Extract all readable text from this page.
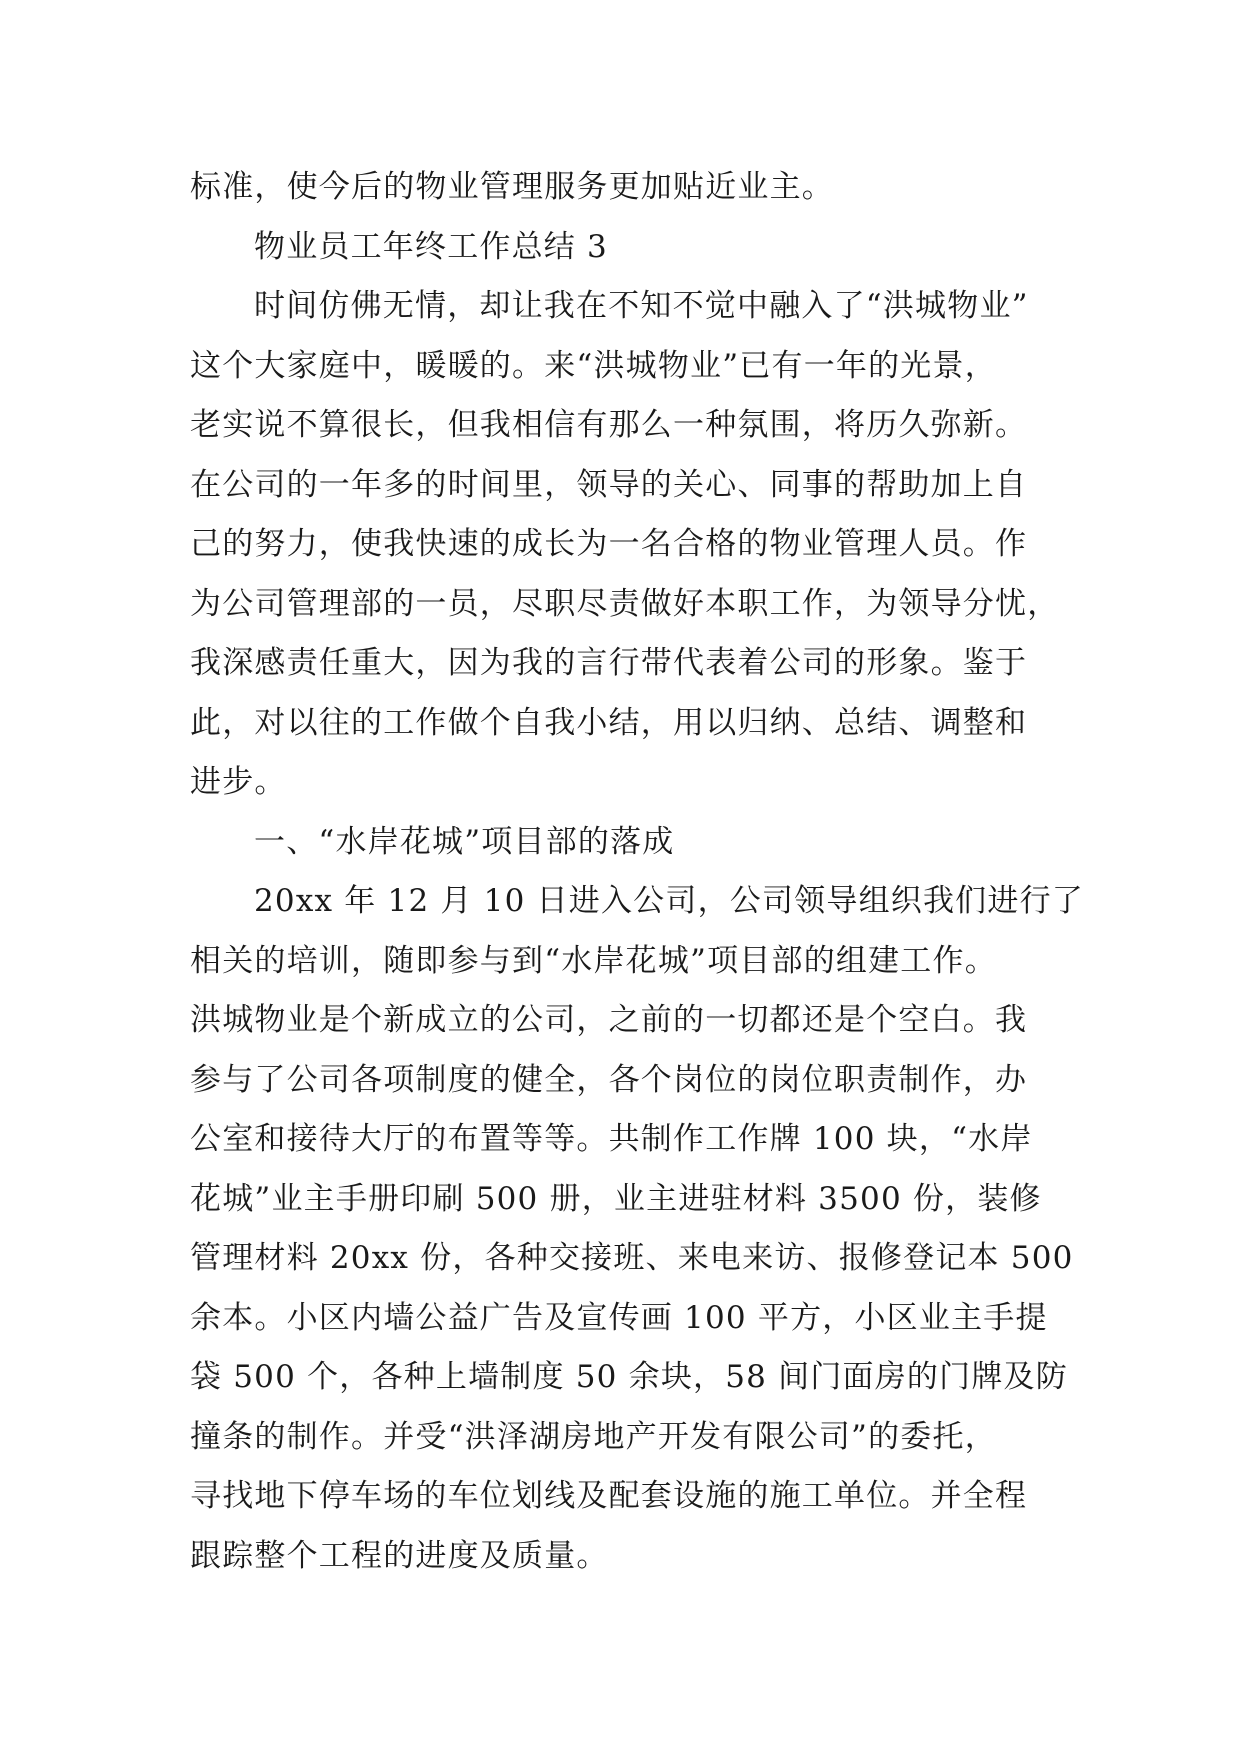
标准，使今后的物业管理服务更加贴近业主。
物业员工年终工作总结 3
时间仿佛无情，却让我在不知不觉中融入了“洪城物业”
这个大家庭中，暖暖的。来“洪城物业”已有一年的光景，
老实说不算很长，但我相信有那么一种氛围，将历久弥新。
在公司的一年多的时间里，领导的关心、同事的帮助加上自
己的努力，使我快速的成长为一名合格的物业管理人员。作
为公司管理部的一员，尽职尽责做好本职工作，为领导分忧，
我深感责任重大，因为我的言行带代表着公司的形象。鉴于
此，对以往的工作做个自我小结，用以归纳、总结、调整和
进步。
一、“水岸花城”项目部的落成
20xx 年 12 月 10 日进入公司，公司领导组织我们进行了
相关的培训，随即参与到“水岸花城”项目部的组建工作。
洪城物业是个新成立的公司，之前的一切都还是个空白。我
参与了公司各项制度的健全，各个岗位的岗位职责制作，办
公室和接待大厅的布置等等。共制作工作牌 100 块，“水岸
花城”业主手册印刷 500 册，业主进驻材料 3500 份，装修
管理材料 20xx 份，各种交接班、来电来访、报修登记本 500
余本。小区内墙公益广告及宣传画 100 平方，小区业主手提
袋 500 个，各种上墙制度 50 余块，58 间门面房的门牌及防
撞条的制作。并受“洪泽湖房地产开发有限公司”的委托，
寻找地下停车场的车位划线及配套设施的施工单位。并全程
跟踪整个工程的进度及质量。
